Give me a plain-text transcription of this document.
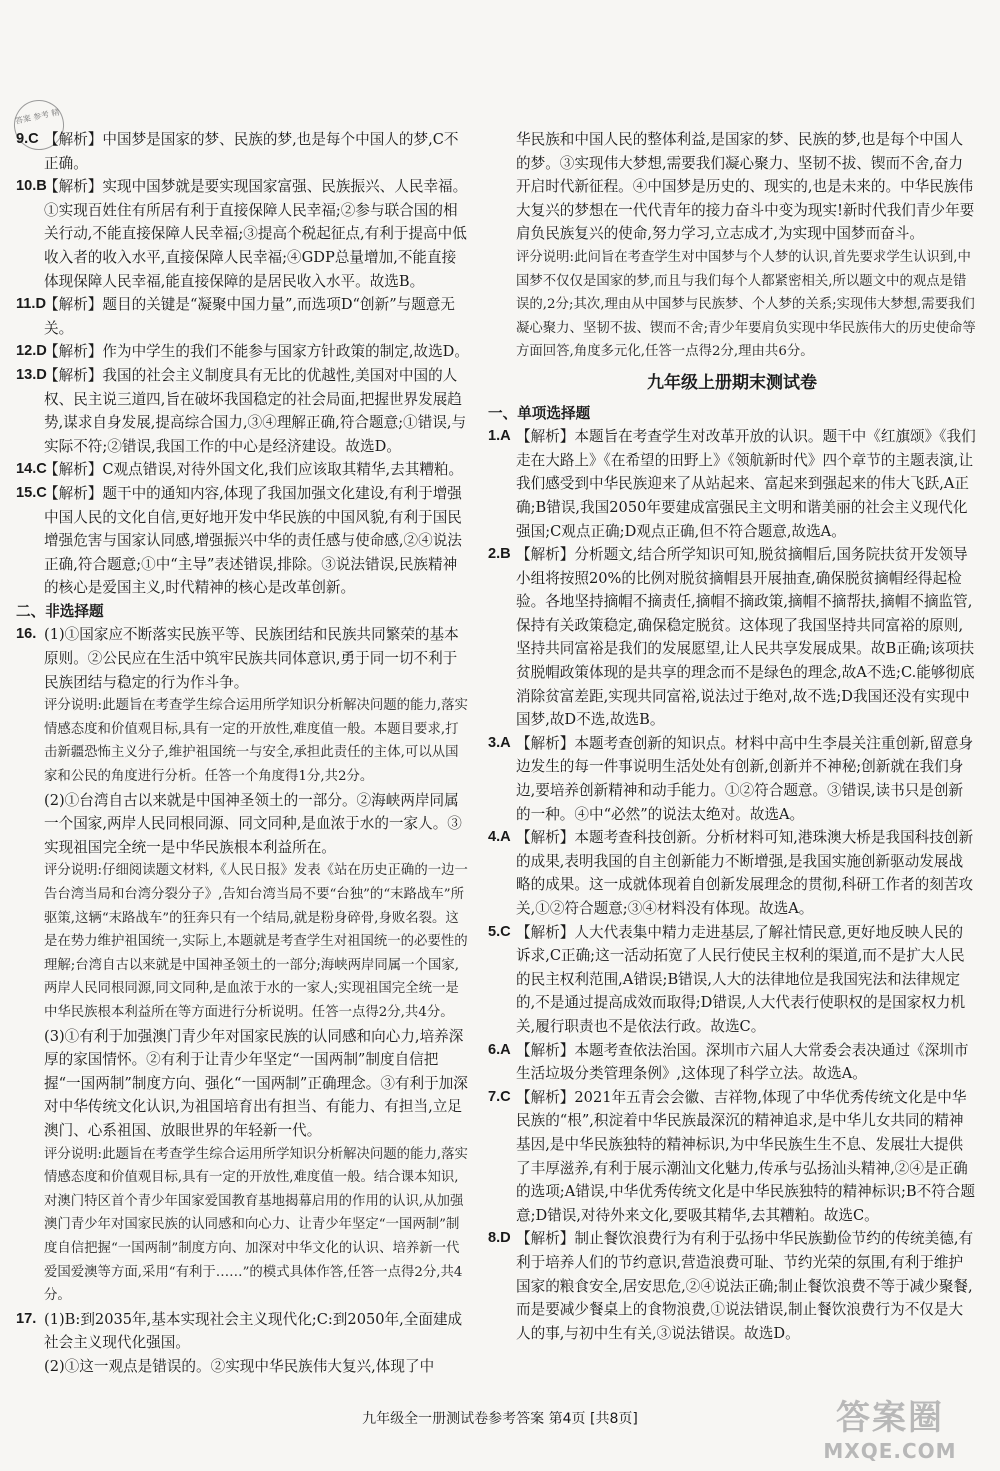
答案 参考 精

9.C 【解析】中国梦是国家的梦、民族的梦,也是每个中国人的梦,C不正确。

10.B
【解析】实现中国梦就是要实现国家富强、民族振兴、人民幸福。①实现百姓住有所居有利于直接保障人民幸福;②参与联合国的相关行动,不能直接保障人民幸福;③提高个税起征点,有利于提高中低收入者的收入水平,直接保障人民幸福;④GDP总量增加,不能直接体现保障人民幸福,能直接保障的是居民收入水平。故选B。

11.D
【解析】题目的关键是“凝聚中国力量”,而选项D“创新”与题意无关。

12.D
【解析】作为中学生的我们不能参与国家方针政策的制定,故选D。

13.D
【解析】我国的社会主义制度具有无比的优越性,美国对中国的人权、民主说三道四,旨在破坏我国稳定的社会局面,把握世界发展趋势,谋求自身发展,提高综合国力,③④理解正确,符合题意;①错误,与实际不符;②错误,我国工作的中心是经济建设。故选D。

14.C
【解析】C观点错误,对待外国文化,我们应该取其精华,去其糟粕。

15.C
【解析】题干中的通知内容,体现了我国加强文化建设,有利于增强中国人民的文化自信,更好地开发中华民族的中国风貌,有利于国民增强危害与国家认同感,增强振兴中华的责任感与使命感,②④说法正确,符合题意;①中“主导”表述错误,排除。③说法错误,民族精神的核心是爱国主义,时代精神的核心是改革创新。

二、非选择题

16. (1)①国家应不断落实民族平等、民族团结和民族共同繁荣的基本原则。②公民应在生活中筑牢民族共同体意识,勇于同一切不利于民族团结与稳定的行为作斗争。

评分说明:此题旨在考查学生综合运用所学知识分析解决问题的能力,落实情感态度和价值观目标,具有一定的开放性,难度值一般。本题目要求,打击新疆恐怖主义分子,维护祖国统一与安全,承担此责任的主体,可以从国家和公民的角度进行分析。任答一个角度得1分,共2分。

(2)①台湾自古以来就是中国神圣领土的一部分。②海峡两岸同属一个国家,两岸人民同根同源、同文同种,是血浓于水的一家人。③实现祖国完全统一是中华民族根本利益所在。

评分说明:仔细阅读题文材料,《人民日报》发表《站在历史正确的一边一告台湾当局和台湾分裂分子》,告知台湾当局不要“台独”的“末路战车”所驱策,这辆“末路战车”的狂奔只有一个结局,就是粉身碎骨,身败名裂。这是在势力维护祖国统一,实际上,本题就是考查学生对祖国统一的必要性的理解;台湾自古以来就是中国神圣领土的一部分;海峡两岸同属一个国家,两岸人民同根同源,同文同种,是血浓于水的一家人;实现祖国完全统一是中华民族根本利益所在等方面进行分析说明。任答一点得2分,共4分。

(3)①有利于加强澳门青少年对国家民族的认同感和向心力,培养深厚的家国情怀。②有利于让青少年坚定“一国两制”制度自信把握“一国两制”制度方向、强化“一国两制”正确理念。③有利于加深对中华传统文化认识,为祖国培育出有担当、有能力、有担当,立足澳门、心系祖国、放眼世界的年轻新一代。

评分说明:此题旨在考查学生综合运用所学知识分析解决问题的能力,落实情感态度和价值观目标,具有一定的开放性,难度值一般。结合课本知识,对澳门特区首个青少年国家爱国教育基地揭幕启用的作用的认识,从加强澳门青少年对国家民族的认同感和向心力、让青少年坚定“一国两制”制度自信把握“一国两制”制度方向、加深对中华文化的认识、培养新一代爱国爱澳等方面,采用“有利于……”的模式具体作答,任答一点得2分,共4分。

17. (1)B:到2035年,基本实现社会主义现代化;C:到2050年,全面建成社会主义现代化强国。

(2)①这一观点是错误的。②实现中华民族伟大复兴,体现了中

华民族和中国人民的整体利益,是国家的梦、民族的梦,也是每个中国人的梦。③实现伟大梦想,需要我们凝心聚力、坚韧不拔、锲而不舍,奋力开启时代新征程。④中国梦是历史的、现实的,也是未来的。中华民族伟大复兴的梦想在一代代青年的接力奋斗中变为现实!新时代我们青少年要肩负民族复兴的使命,努力学习,立志成才,为实现中国梦而奋斗。

评分说明:此问旨在考查学生对中国梦与个人梦的认识,首先要求学生认识到,中国梦不仅仅是国家的梦,而且与我们每个人都紧密相关,所以题文中的观点是错误的,2分;其次,理由从中国梦与民族梦、个人梦的关系;实现伟大梦想,需要我们凝心聚力、坚韧不拔、锲而不舍;青少年要肩负实现中华民族伟大的历史使命等方面回答,角度多元化,任答一点得2分,理由共6分。

九年级上册期末测试卷

一、单项选择题

1.A 【解析】本题旨在考查学生对改革开放的认识。题干中《红旗颂》《我们走在大路上》《在希望的田野上》《领航新时代》四个章节的主题表演,让我们感受到中华民族迎来了从站起来、富起来到强起来的伟大飞跃,A正确;B错误,我国2050年要建成富强民主文明和谐美丽的社会主义现代化强国;C观点正确;D观点正确,但不符合题意,故选A。

2.B 【解析】分析题文,结合所学知识可知,脱贫摘帽后,国务院扶贫开发领导小组将按照20%的比例对脱贫摘帽县开展抽查,确保脱贫摘帽经得起检验。各地坚持摘帽不摘责任,摘帽不摘政策,摘帽不摘帮扶,摘帽不摘监管,保持有关政策稳定,确保稳定脱贫。这体现了我国坚持共同富裕的原则,坚持共同富裕是我们的发展愿望,让人民共享发展成果。故B正确;该项扶贫脱帽政策体现的是共享的理念而不是绿色的理念,故A不选;C.能够彻底消除贫富差距,实现共同富裕,说法过于绝对,故不选;D我国还没有实现中国梦,故D不选,故选B。

3.A 【解析】本题考查创新的知识点。材料中高中生李晨关注重创新,留意身边发生的每一件事说明生活处处有创新,创新并不神秘;创新就在我们身边,要培养创新精神和动手能力。①②符合题意。③错误,读书只是创新的一种。④中“必然”的说法太绝对。故选A。

4.A 【解析】本题考查科技创新。分析材料可知,港珠澳大桥是我国科技创新的成果,表明我国的自主创新能力不断增强,是我国实施创新驱动发展战略的成果。这一成就体现着自创新发展理念的贯彻,科研工作者的刻苦攻关,①②符合题意;③④材料没有体现。故选A。

5.C 【解析】人大代表集中精力走进基层,了解社情民意,更好地反映人民的诉求,C正确;这一活动拓宽了人民行使民主权利的渠道,而不是扩大人民的民主权利范围,A错误;B错误,人大的法律地位是我国宪法和法律规定的,不是通过提高成效而取得;D错误,人大代表行使职权的是国家权力机关,履行职责也不是依法行政。故选C。

6.A 【解析】本题考查依法治国。深圳市六届人大常委会表决通过《深圳市生活垃圾分类管理条例》,这体现了科学立法。故选A。

7.C 【解析】2021年五青会会徽、吉祥物,体现了中华优秀传统文化是中华民族的“根”,积淀着中华民族最深沉的精神追求,是中华儿女共同的精神基因,是中华民族独特的精神标识,为中华民族生生不息、发展壮大提供了丰厚滋养,有利于展示潮汕文化魅力,传承与弘扬汕头精神,②④是正确的选项;A错误,中华优秀传统文化是中华民族独特的精神标识;B不符合题意;D错误,对待外来文化,要吸其精华,去其糟粕。故选C。

8.D 【解析】制止餐饮浪费行为有利于弘扬中华民族勤俭节约的传统美德,有利于培养人们的节约意识,营造浪费可耻、节约光荣的氛围,有利于维护国家的粮食安全,居安思危,②④说法正确;制止餐饮浪费不等于减少聚餐,而是要减少餐桌上的食物浪费,①说法错误,制止餐饮浪费行为不仅是大人的事,与初中生有关,③说法错误。故选D。

九年级全一册测试卷参考答案 第4页 [共8页]	答案圈
MXQE.COM
